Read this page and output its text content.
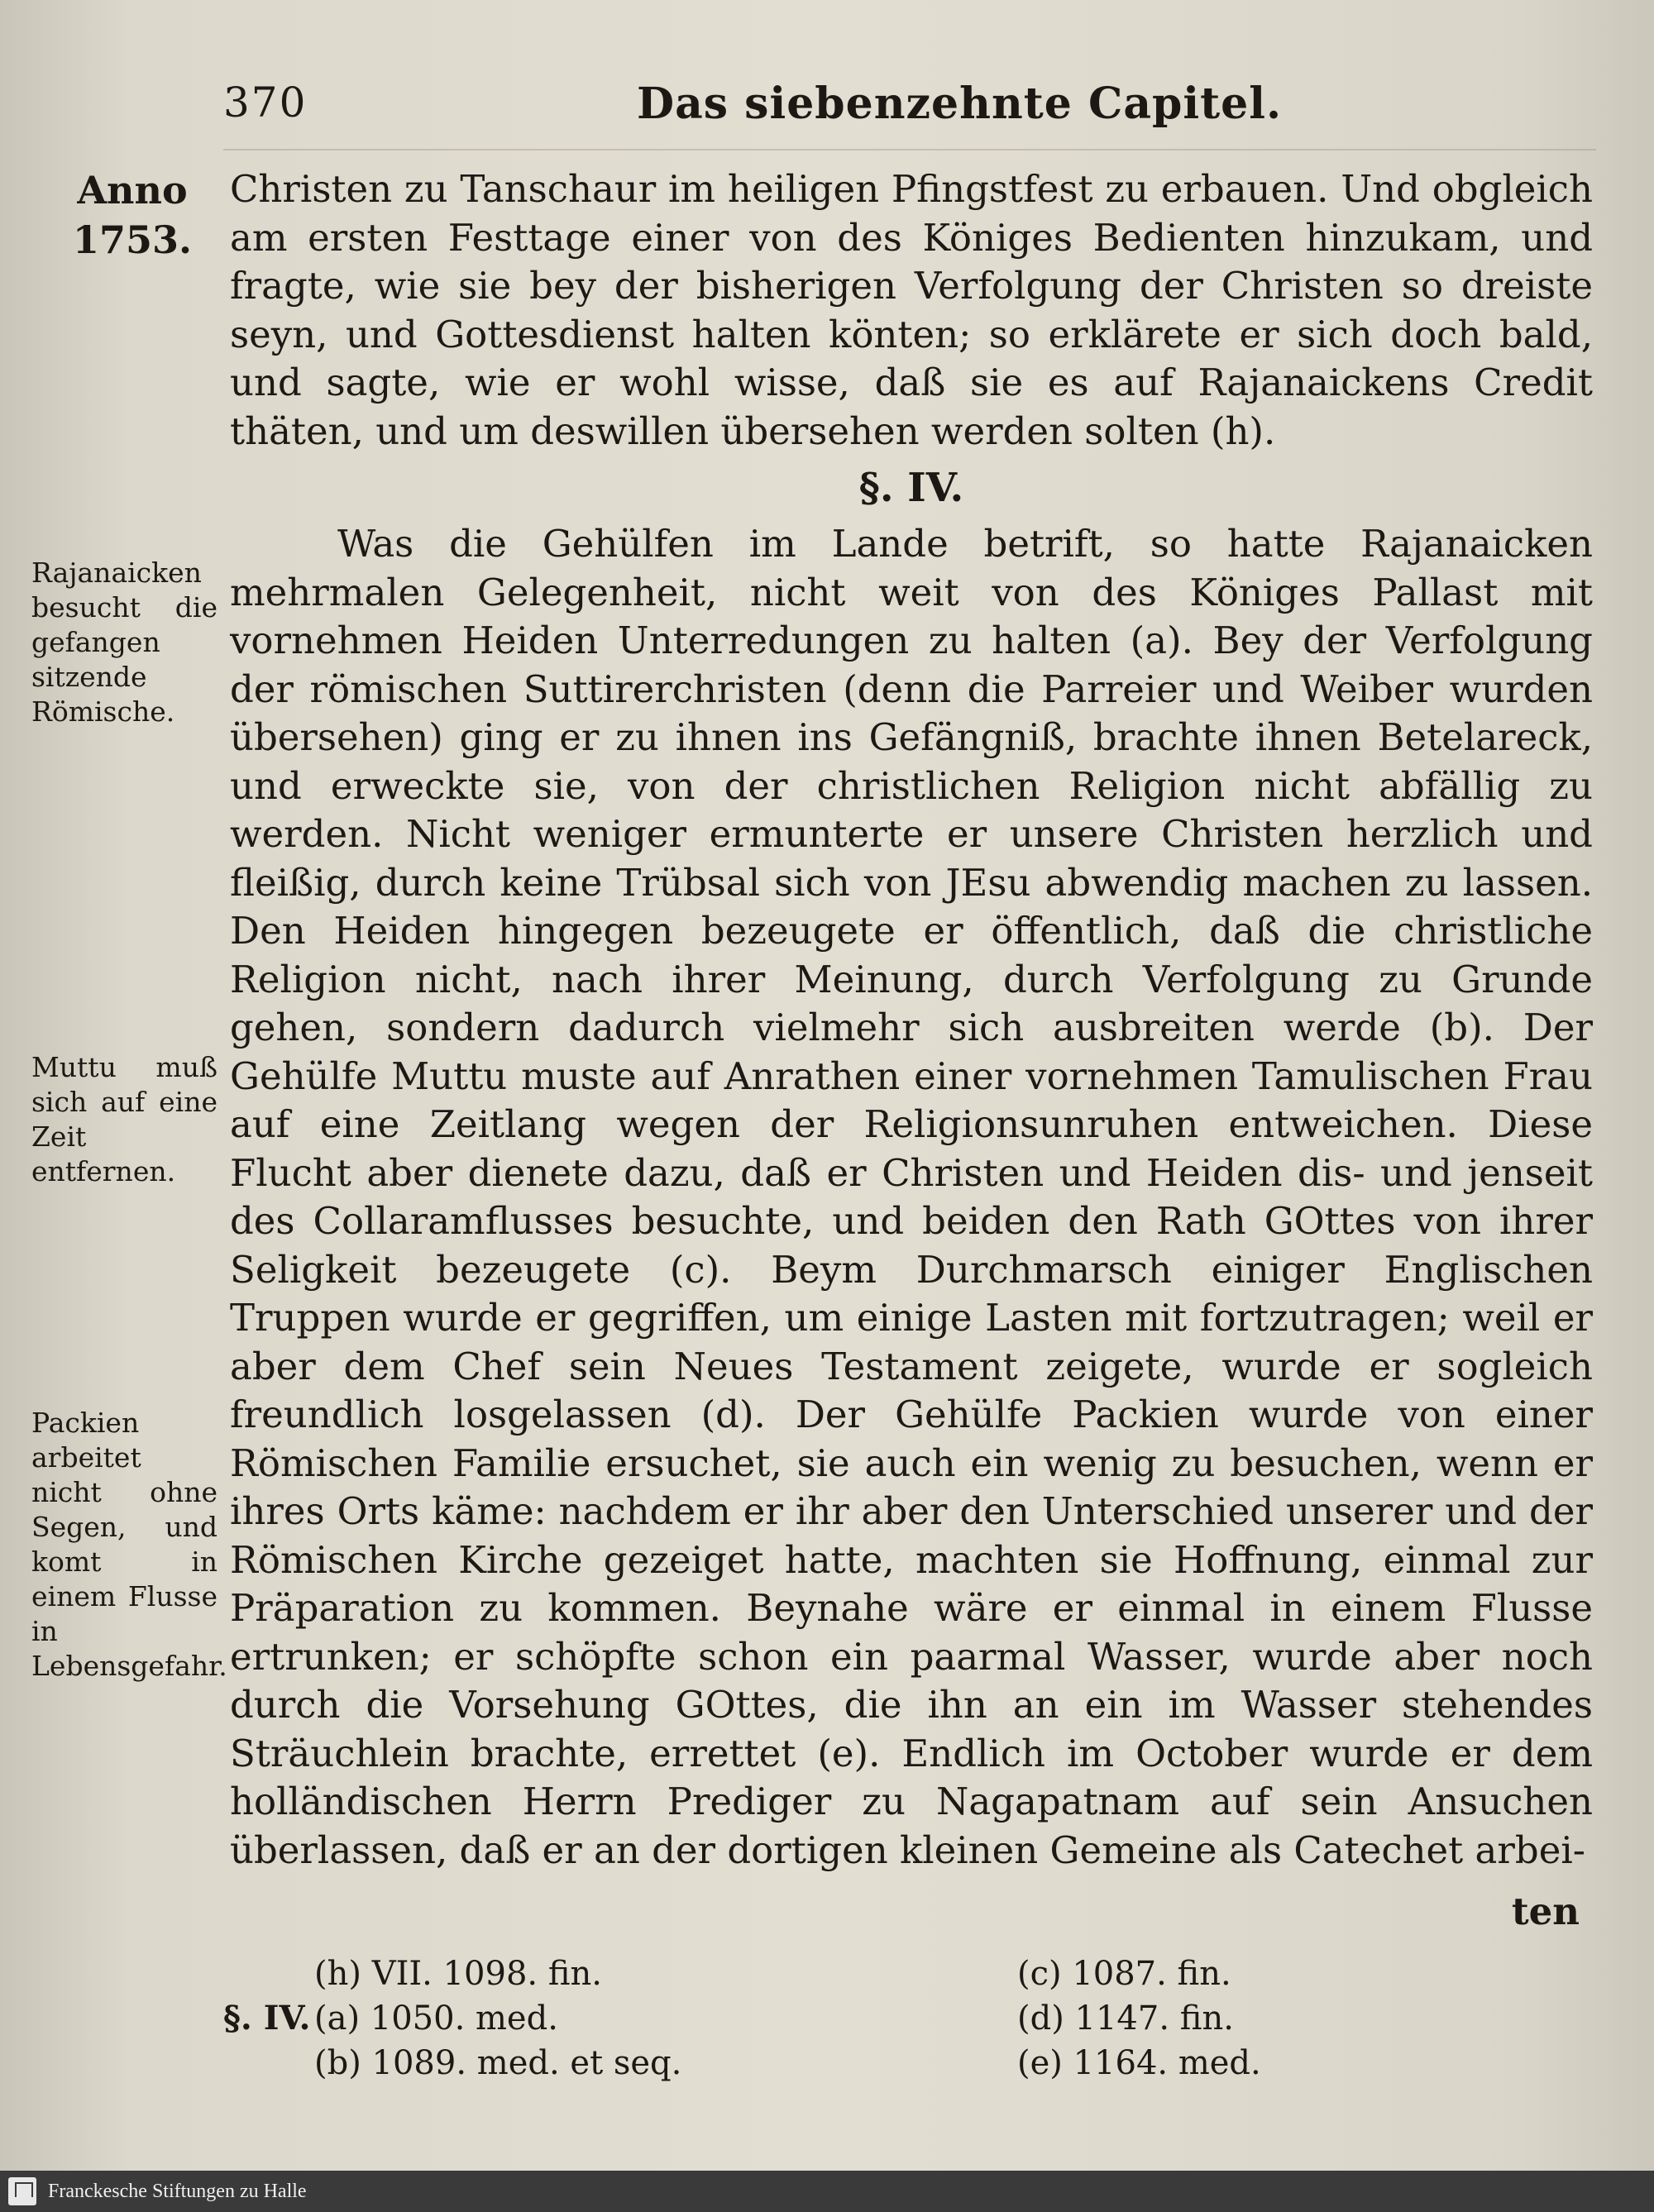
370	Das siebenzehnte Capitel.
Anno
1753.
Rajanaicken besucht die gefangen sitzende Römische.
Muttu muß sich auf eine Zeit entfernen.
Packien arbeitet nicht ohne Segen, und komt in einem Flusse in Lebensgefahr.

Christen zu Tanschaur im heiligen Pfingstfest zu erbauen. Und obgleich am ersten Festtage einer von des Königes Bedienten hinzukam, und fragte, wie sie bey der bisherigen Verfolgung der Christen so dreiste seyn, und Gottesdienst halten könten; so erklärete er sich doch bald, und sagte, wie er wohl wisse, daß sie es auf Rajanaickens Credit thäten, und um deswillen übersehen werden solten (h).

§. IV.

Was die Gehülfen im Lande betrift, so hatte Rajanaicken mehrmalen Gelegenheit, nicht weit von des Königes Pallast mit vornehmen Heiden Unterredungen zu halten (a). Bey der Verfolgung der römischen Suttirerchristen (denn die Parreier und Weiber wurden übersehen) ging er zu ihnen ins Gefängniß, brachte ihnen Betelareck, und erweckte sie, von der christlichen Religion nicht abfällig zu werden. Nicht weniger ermunterte er unsere Christen herzlich und fleißig, durch keine Trübsal sich von JEsu abwendig machen zu lassen. Den Heiden hingegen bezeugete er öffentlich, daß die christliche Religion nicht, nach ihrer Meinung, durch Verfolgung zu Grunde gehen, sondern dadurch vielmehr sich ausbreiten werde (b). Der Gehülfe Muttu muste auf Anrathen einer vornehmen Tamulischen Frau auf eine Zeitlang wegen der Religionsunruhen entweichen. Diese Flucht aber dienete dazu, daß er Christen und Heiden dis- und jenseit des Collaramflusses besuchte, und beiden den Rath GOttes von ihrer Seligkeit bezeugete (c). Beym Durchmarsch einiger Englischen Truppen wurde er gegriffen, um einige Lasten mit fortzutragen; weil er aber dem Chef sein Neues Testament zeigete, wurde er sogleich freundlich losgelassen (d). Der Gehülfe Packien wurde von einer Römischen Familie ersuchet, sie auch ein wenig zu besuchen, wenn er ihres Orts käme: nachdem er ihr aber den Unterschied unserer und der Römischen Kirche gezeiget hatte, machten sie Hoffnung, einmal zur Präparation zu kommen. Beynahe wäre er einmal in einem Flusse ertrunken; er schöpfte schon ein paarmal Wasser, wurde aber noch durch die Vorsehung GOttes, die ihn an ein im Wasser stehendes Sträuchlein brachte, errettet (e). Endlich im October wurde er dem holländischen Herrn Prediger zu Nagapatnam auf sein Ansuchen überlassen, daß er an der dortigen kleinen Gemeine als Catechet arbei-

ten
(h) VII. 1098. fin.
§. IV. (a) 1050. med.
(b) 1089. med. et seq.
(c) 1087. fin.
(d) 1147. fin.
(e) 1164. med.
Franckesche Stiftungen zu Halle
